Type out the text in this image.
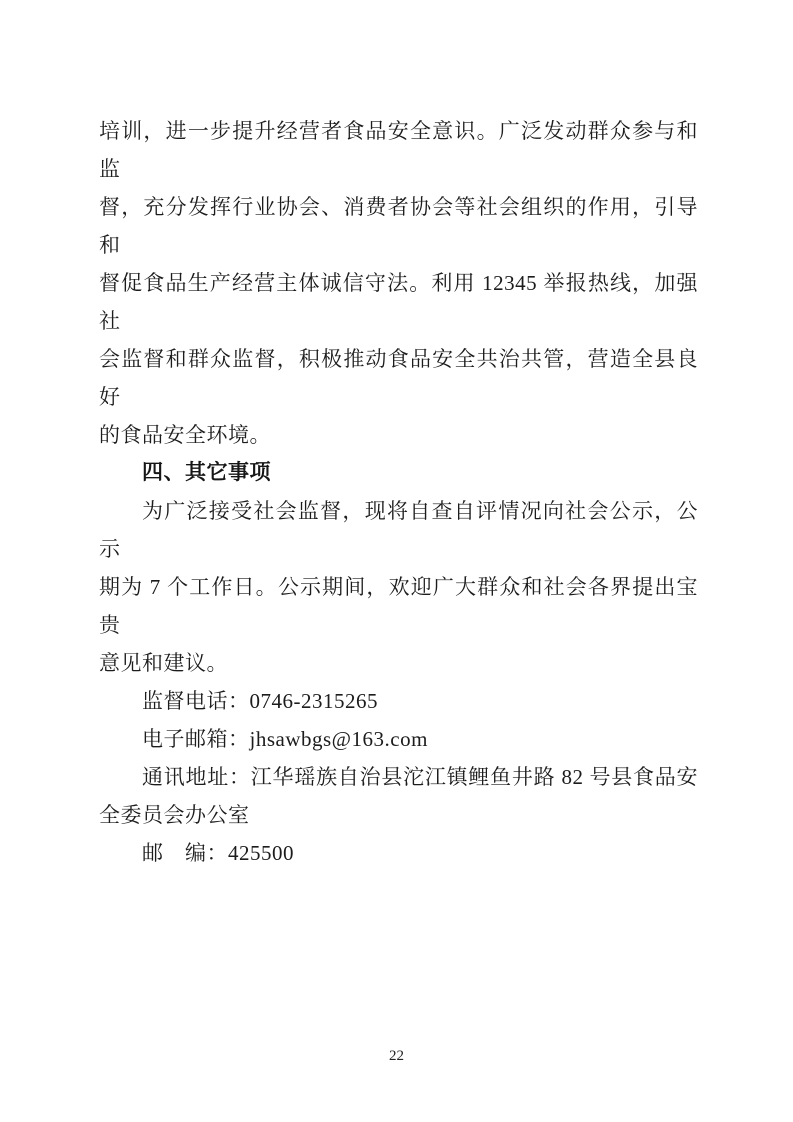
培训，进一步提升经营者食品安全意识。广泛发动群众参与和监
督，充分发挥行业协会、消费者协会等社会组织的作用，引导和
督促食品生产经营主体诚信守法。利用 12345 举报热线，加强社
会监督和群众监督，积极推动食品安全共治共管，营造全县良好
的食品安全环境。
四、其它事项
为广泛接受社会监督，现将自查自评情况向社会公示，公示
期为 7 个工作日。公示期间，欢迎广大群众和社会各界提出宝贵
意见和建议。
监督电话：0746-2315265
电子邮箱：jhsawbgs@163.com
通讯地址：江华瑶族自治县沱江镇鲤鱼井路 82 号县食品安
全委员会办公室
邮　编：425500
22
